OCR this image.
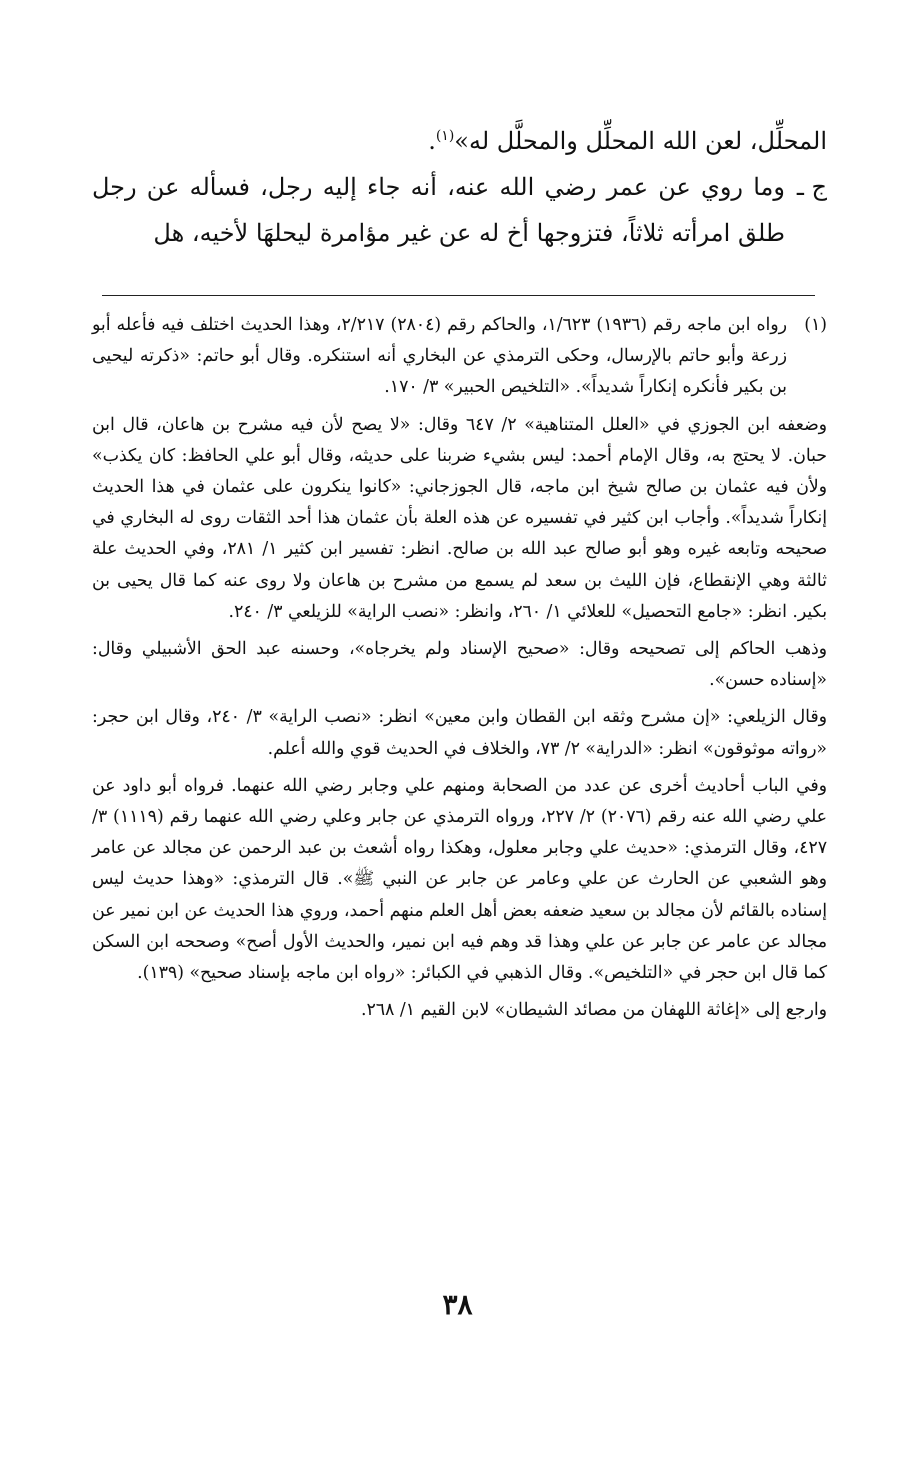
المحلِّل، لعن الله المحلِّل والمحلَّل له»$^{(١)}$.

ج ـ
وما روي عن عمر رضي الله عنه، أنه جاء إليه رجل، فسأله عن رجل طلق امرأته ثلاثاً، فتزوجها أخ له عن غير مؤامرة ليحلهَا لأخيه، هل

(١)
رواه ابن ماجه رقم (١٩٣٦) ١/٦٢٣، والحاكم رقم (٢٨٠٤) ٢/٢١٧، وهذا الحديث اختلف فيه فأعله أبو زرعة وأبو حاتم بالإرسال، وحكى الترمذي عن البخاري أنه استنكره. وقال أبو حاتم: «ذكرته ليحيى بن بكير فأنكره إنكاراً شديداً». «التلخيص الحبير» ٣/ ١٧٠.

وضعفه ابن الجوزي في «العلل المتناهية» ٢/ ٦٤٧ وقال: «لا يصح لأن فيه مشرح بن هاعان، قال ابن حبان. لا يحتج به، وقال الإمام أحمد: ليس بشيء ضربنا على حديثه، وقال أبو علي الحافظ: كان يكذب» ولأن فيه عثمان بن صالح شيخ ابن ماجه، قال الجوزجاني: «كانوا ينكرون على عثمان في هذا الحديث إنكاراً شديداً». وأجاب ابن كثير في تفسيره عن هذه العلة بأن عثمان هذا أحد الثقات روى له البخاري في صحيحه وتابعه غيره وهو أبو صالح عبد الله بن صالح. انظر: تفسير ابن كثير ١/ ٢٨١، وفي الحديث علة ثالثة وهي الإنقطاع، فإن الليث بن سعد لم يسمع من مشرح بن هاعان ولا روى عنه كما قال يحيى بن بكير. انظر: «جامع التحصيل» للعلائي ١/ ٢٦٠، وانظر: «نصب الراية» للزيلعي ٣/ ٢٤٠.

وذهب الحاكم إلى تصحيحه وقال: «صحيح الإسناد ولم يخرجاه»، وحسنه عبد الحق الأشبيلي وقال: «إسناده حسن».

وقال الزيلعي: «إن مشرح وثقه ابن القطان وابن معين» انظر: «نصب الراية» ٣/ ٢٤٠، وقال ابن حجر: «رواته موثوقون» انظر: «الدراية» ٢/ ٧٣، والخلاف في الحديث قوي والله أعلم.

وفي الباب أحاديث أخرى عن عدد من الصحابة ومنهم علي وجابر رضي الله عنهما. فرواه أبو داود عن علي رضي الله عنه رقم (٢٠٧٦) ٢/ ٢٢٧، ورواه الترمذي عن جابر وعلي رضي الله عنهما رقم (١١١٩) ٣/ ٤٢٧، وقال الترمذي: «حديث علي وجابر معلول، وهكذا رواه أشعث بن عبد الرحمن عن مجالد عن عامر وهو الشعبي عن الحارث عن علي وعامر عن جابر عن النبي ﷺ». قال الترمذي: «وهذا حديث ليس إسناده بالقائم لأن مجالد بن سعيد ضعفه بعض أهل العلم منهم أحمد، وروي هذا الحديث عن ابن نمير عن مجالد عن عامر عن جابر عن علي وهذا قد وهم فيه ابن نمير، والحديث الأول أصح» وصححه ابن السكن كما قال ابن حجر في «التلخيص». وقال الذهبي في الكبائر: «رواه ابن ماجه بإسناد صحيح» (١٣٩).

وارجع إلى «إغاثة اللهفان من مصائد الشيطان» لابن القيم ١/ ٢٦٨.

٣٨
